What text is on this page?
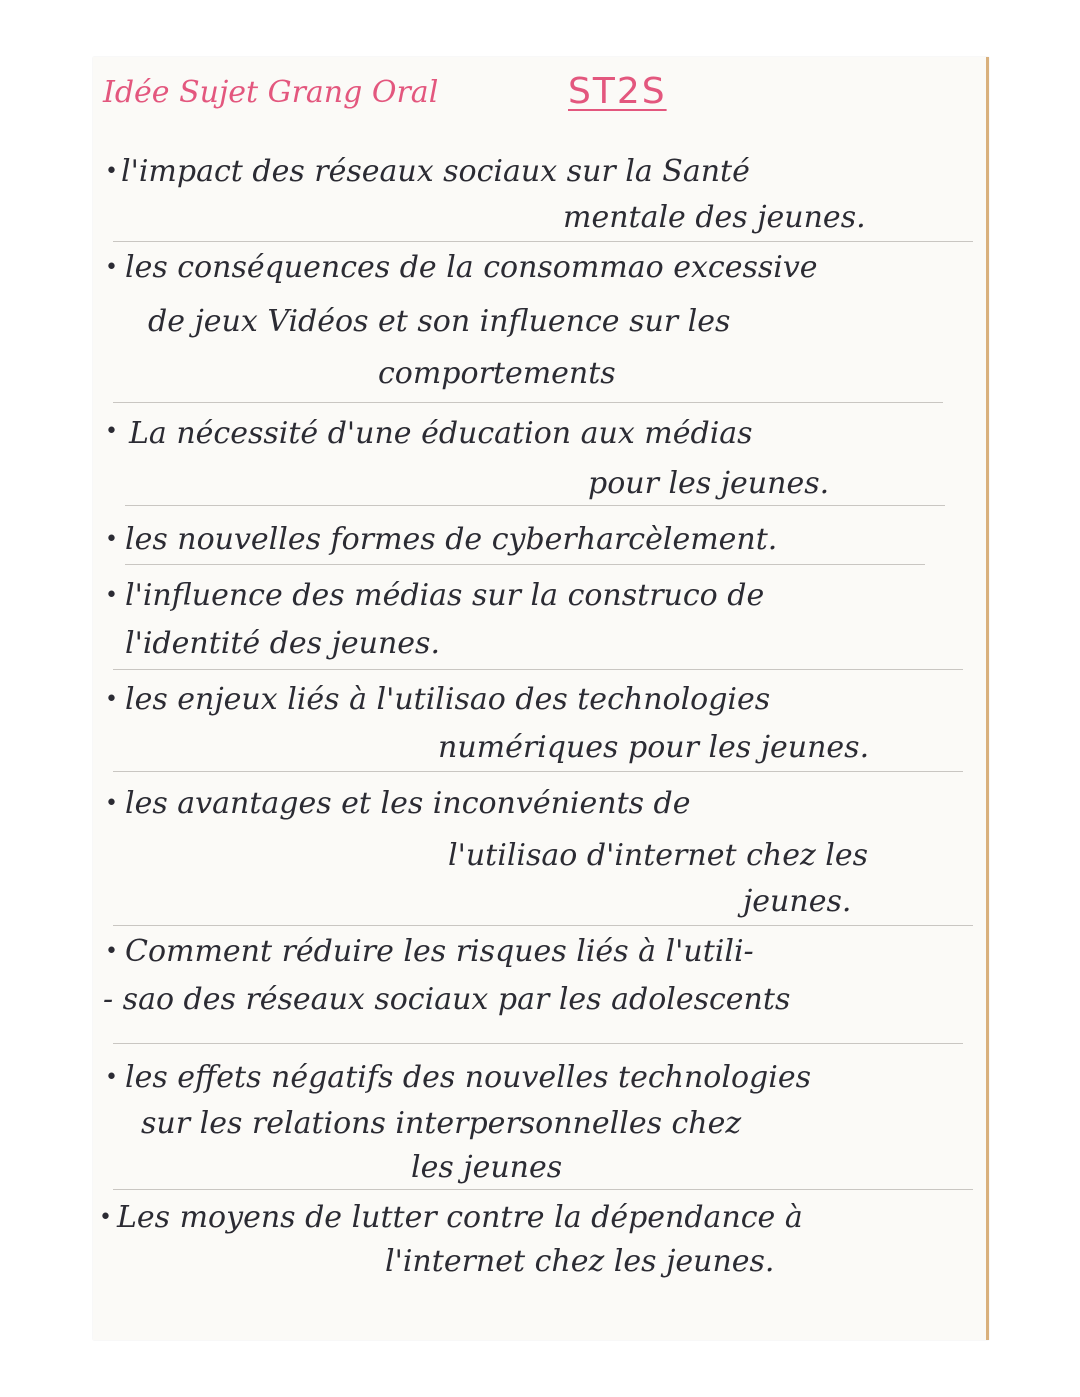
Idée Sujet Grang Oral	ST2S
• l'impact des réseaux sociaux sur la Santé
mentale des jeunes.
• les conséquences de la consommao excessive
de jeux Vidéos et son influence sur les
comportements
• La nécessité d'une éducation aux médias
pour les jeunes.
• les nouvelles formes de cyberharcèlement.
• l'influence des médias sur la construco de
l'identité des jeunes.
• les enjeux liés à l'utilisao des technologies
numériques pour les jeunes.
• les avantages et les inconvénients de
l'utilisao d'internet chez les
jeunes.
• Comment réduire les risques liés à l'utili-
- sao des réseaux sociaux par les adolescents
• les effets négatifs des nouvelles technologies
sur les relations interpersonnelles chez
les jeunes
• Les moyens de lutter contre la dépendance à
l'internet chez les jeunes.
